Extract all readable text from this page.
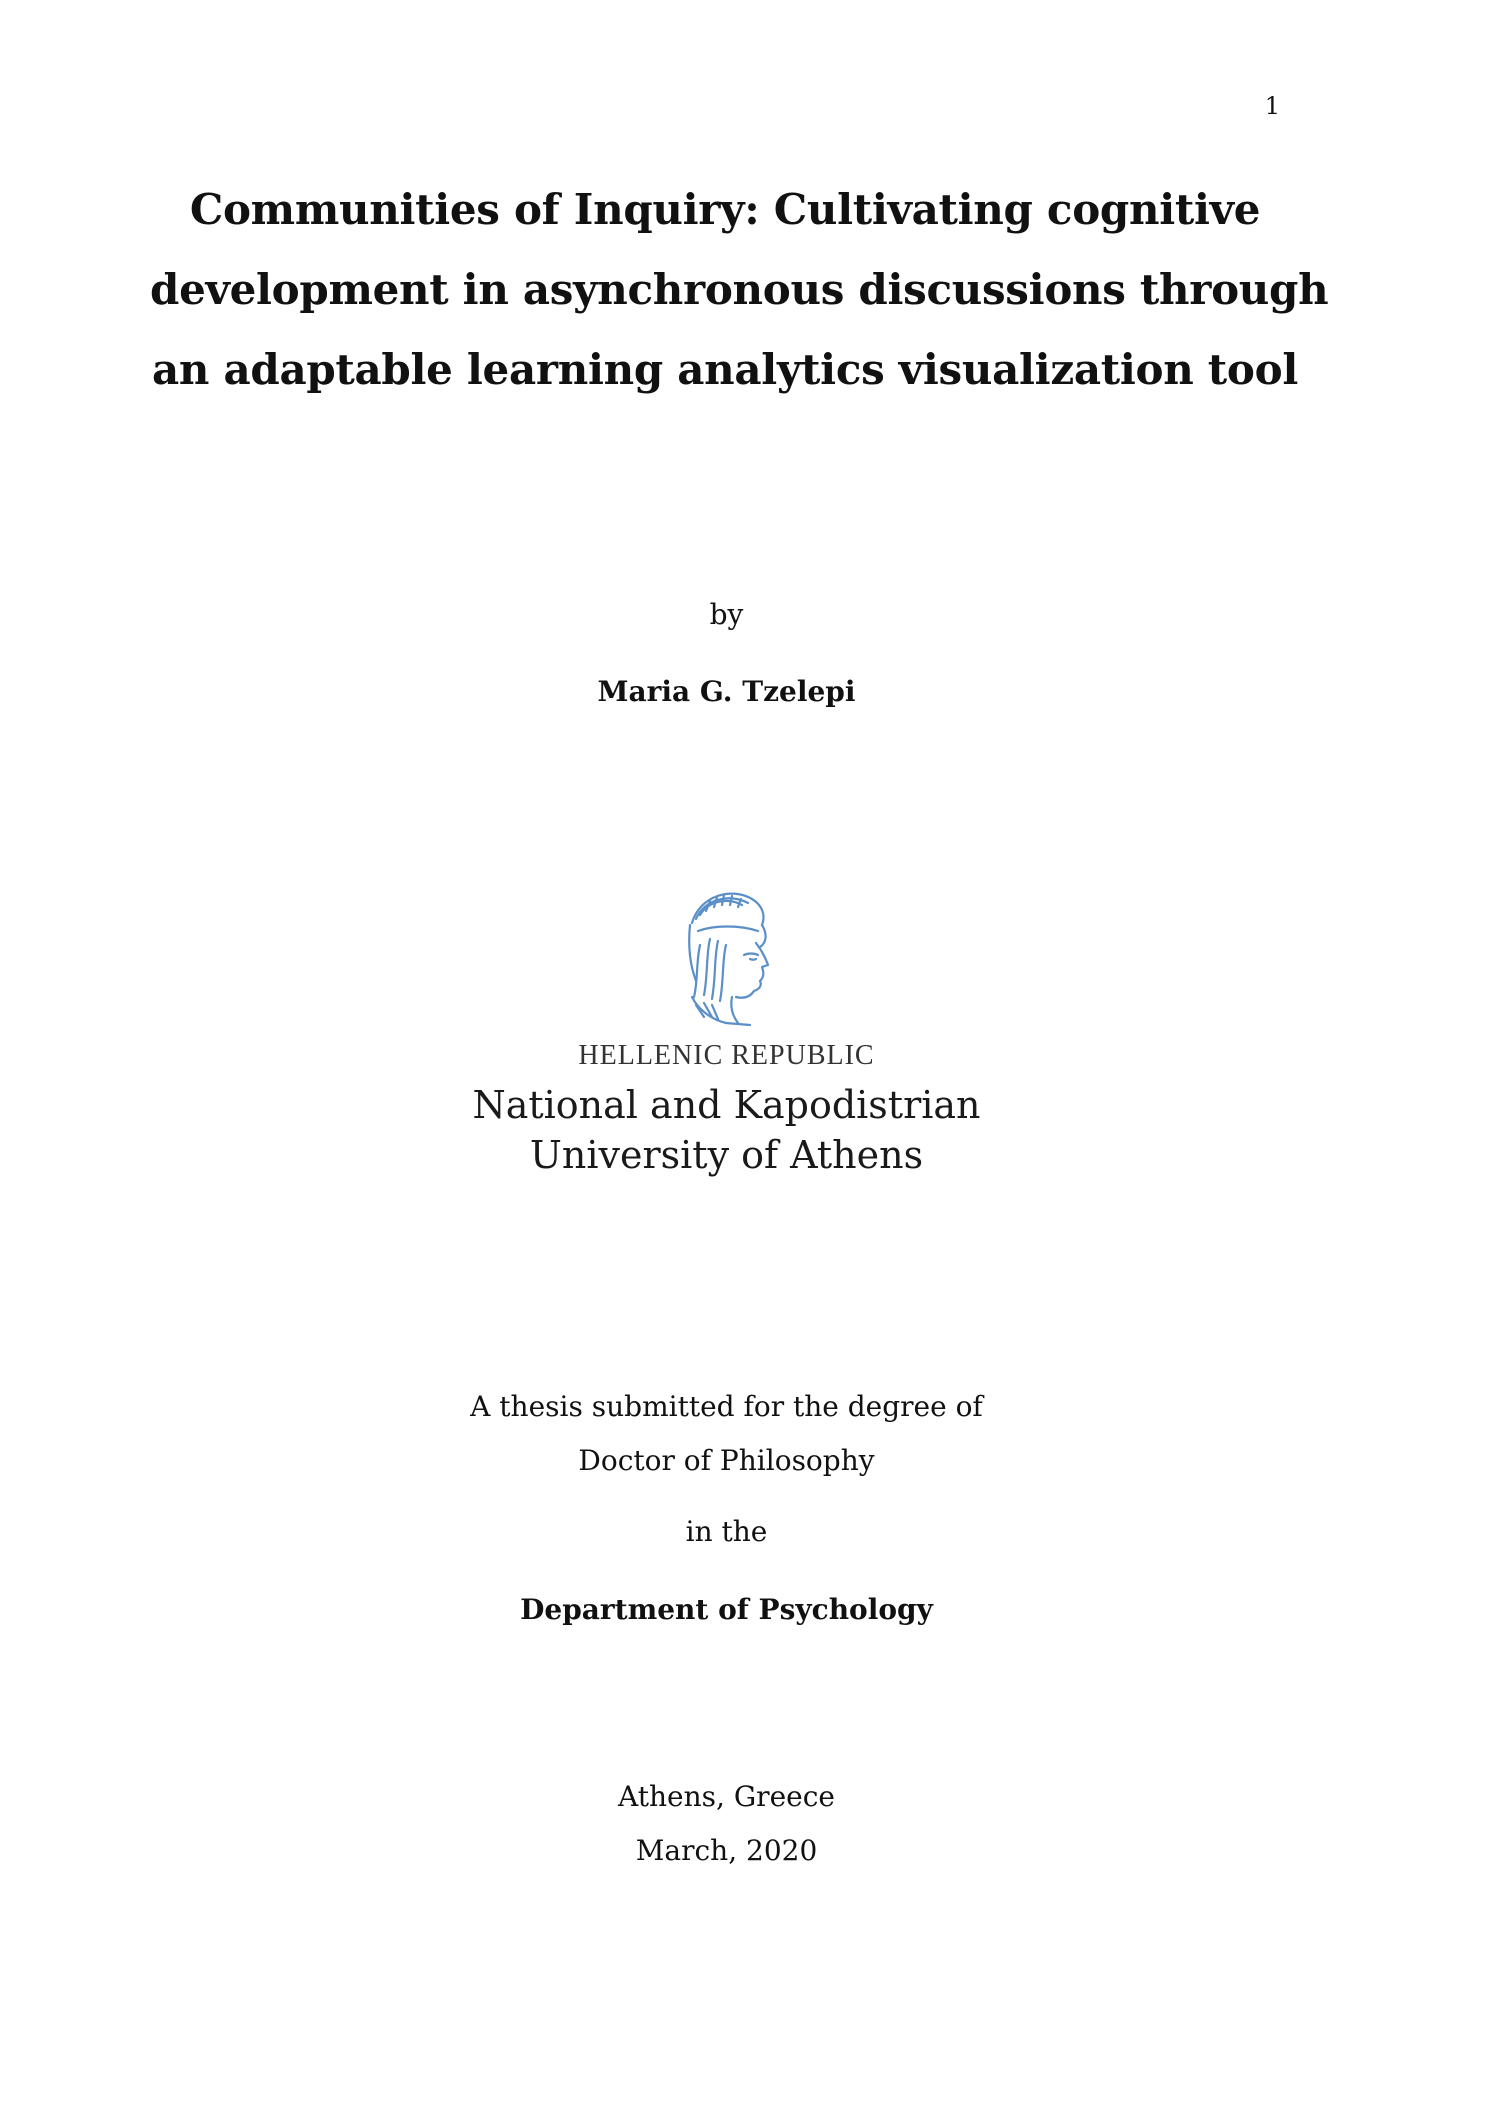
1
Communities of Inquiry: Cultivating cognitive
development in asynchronous discussions through
an adaptable learning analytics visualization tool
by
Maria G. Tzelepi
HELLENIC REPUBLIC
National and Kapodistrian
University of Athens
A thesis submitted for the degree of
Doctor of Philosophy
in the
Department of Psychology
Athens, Greece
March, 2020
